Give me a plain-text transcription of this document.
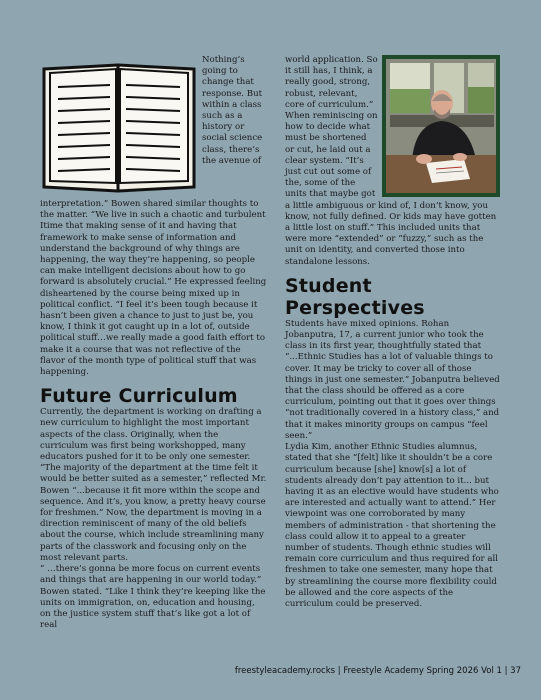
Nothing’s going to change that response. But within a class such as a history or social science class, there’s the avenue of interpretation.” Bowen shared similar thoughts to the matter. “We live in such a chaotic and turbulent Itime that making sense of it and having that framework to make sense of information and understand the background of why things are happening, the way they’re happening, so people can make intelligent decisions about how to go forward is absolutely crucial.” He expressed feeling disheartened by the course being mixed up in political conflict. “I feel it’s been tough because it hasn’t been given a chance to just to just be, you know, I think it got caught up in a lot of, outside political stuff…we really made a good faith effort to make it a course that was not reflective of the flavor of the month type of political stuff that was happening.

Future Curriculum

Currently, the department is working on drafting a new curriculum to highlight the most important aspects of the class. Originally, when the curriculum was first being workshopped, many educators pushed for it to be only one semester. “The majority of the department at the time felt it would be better suited as a semester,” reflected Mr. Bowen “...because it fit more within the scope and sequence. And it’s, you know, a pretty heavy course for freshmen.” Now, the department is moving in a direction reminiscent of many of the old beliefs about the course, which include streamlining many parts of the classwork and focusing only on the most relevant parts.

“ …there’s gonna be more focus on current events and things that are happening in our world today.” Bowen stated. “Like I think they’re keeping like the units on immigration, on, education and housing, on the justice system stuff that’s like got a lot of real

world application. So it still has, I think, a really good, strong, robust, relevant, core of curriculum.” When reminiscing on how to decide what must be shortened or cut, he laid out a clear system. “It’s just cut out some of the, some of the units that maybe got a little ambiguous or kind of, I don’t know, you know, not fully defined. Or kids may have gotten a little lost on stuff.” This included units that were more “extended” or “fuzzy,” such as the unit on identity, and converted those into standalone lessons.

Student Perspectives

Students have mixed opinions. Rohan Jobanputra, 17, a current junior who took the class in its first year, thoughtfully stated that “...Ethnic Studies has a lot of valuable things to cover. It may be tricky to cover all of those things in just one semester.” Jobanputra believed that the class should be offered as a core curriculum, pointing out that it goes over things “not traditionally covered in a history class,” and that it makes minority groups on campus “feel seen.”

Lydia Kim, another Ethnic Studies alumnus, stated that she “[felt] like it shouldn’t be a core curriculum because [she] know[s] a lot of students already don’t pay attention to it... but having it as an elective would have students who are interested and actually want to attend.” Her viewpoint was one corroborated by many members of administration - that shortening the class could allow it to appeal to a greater number of students. Though ethnic studies will remain core curriculum and thus required for all freshmen to take one semester, many hope that by streamlining the course more flexibility could be allowed and the core aspects of the curriculum could be preserved.

freestyleacademy.rocks | Freestyle Academy Spring 2026 Vol 1 | 37
